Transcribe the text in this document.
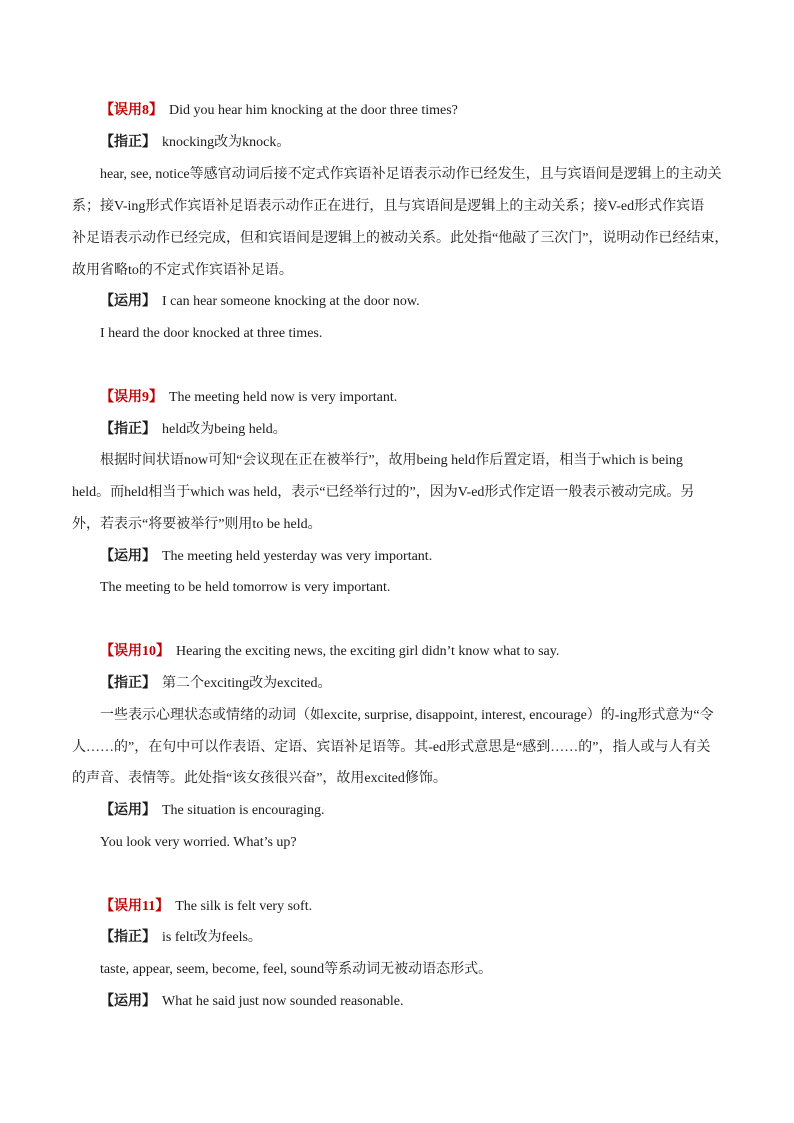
【误用8】 Did you hear him knocking at the door three times?
【指正】 knocking改为knock。
hear, see, notice等感官动词后接不定式作宾语补足语表示动作已经发生，且与宾语间是逻辑上的主动关
系；接V-ing形式作宾语补足语表示动作正在进行，且与宾语间是逻辑上的主动关系；接V-ed形式作宾语
补足语表示动作已经完成，但和宾语间是逻辑上的被动关系。此处指“他敲了三次门”，说明动作已经结束，
故用省略to的不定式作宾语补足语。
【运用】 I can hear someone knocking at the door now.
I heard the door knocked at three times.
【误用9】 The meeting held now is very important.
【指正】 held改为being held。
根据时间状语now可知“会议现在正在被举行”，故用being held作后置定语，相当于which is being
held。而held相当于which was held，表示“已经举行过的”，因为V-ed形式作定语一般表示被动完成。另
外，若表示“将要被举行”则用to be held。
【运用】 The meeting held yesterday was very important.
The meeting to be held tomorrow is very important.
【误用10】 Hearing the exciting news, the exciting girl didn’t know what to say.
【指正】 第二个exciting改为excited。
一些表示心理状态或情绪的动词（如excite, surprise, disappoint, interest, encourage）的-ing形式意为“令
人……的”，在句中可以作表语、定语、宾语补足语等。其-ed形式意思是“感到……的”，指人或与人有关
的声音、表情等。此处指“该女孩很兴奋”，故用excited修饰。
【运用】 The situation is encouraging.
You look very worried. What’s up?
【误用11】 The silk is felt very soft.
【指正】 is felt改为feels。
taste, appear, seem, become, feel, sound等系动词无被动语态形式。
【运用】 What he said just now sounded reasonable.
